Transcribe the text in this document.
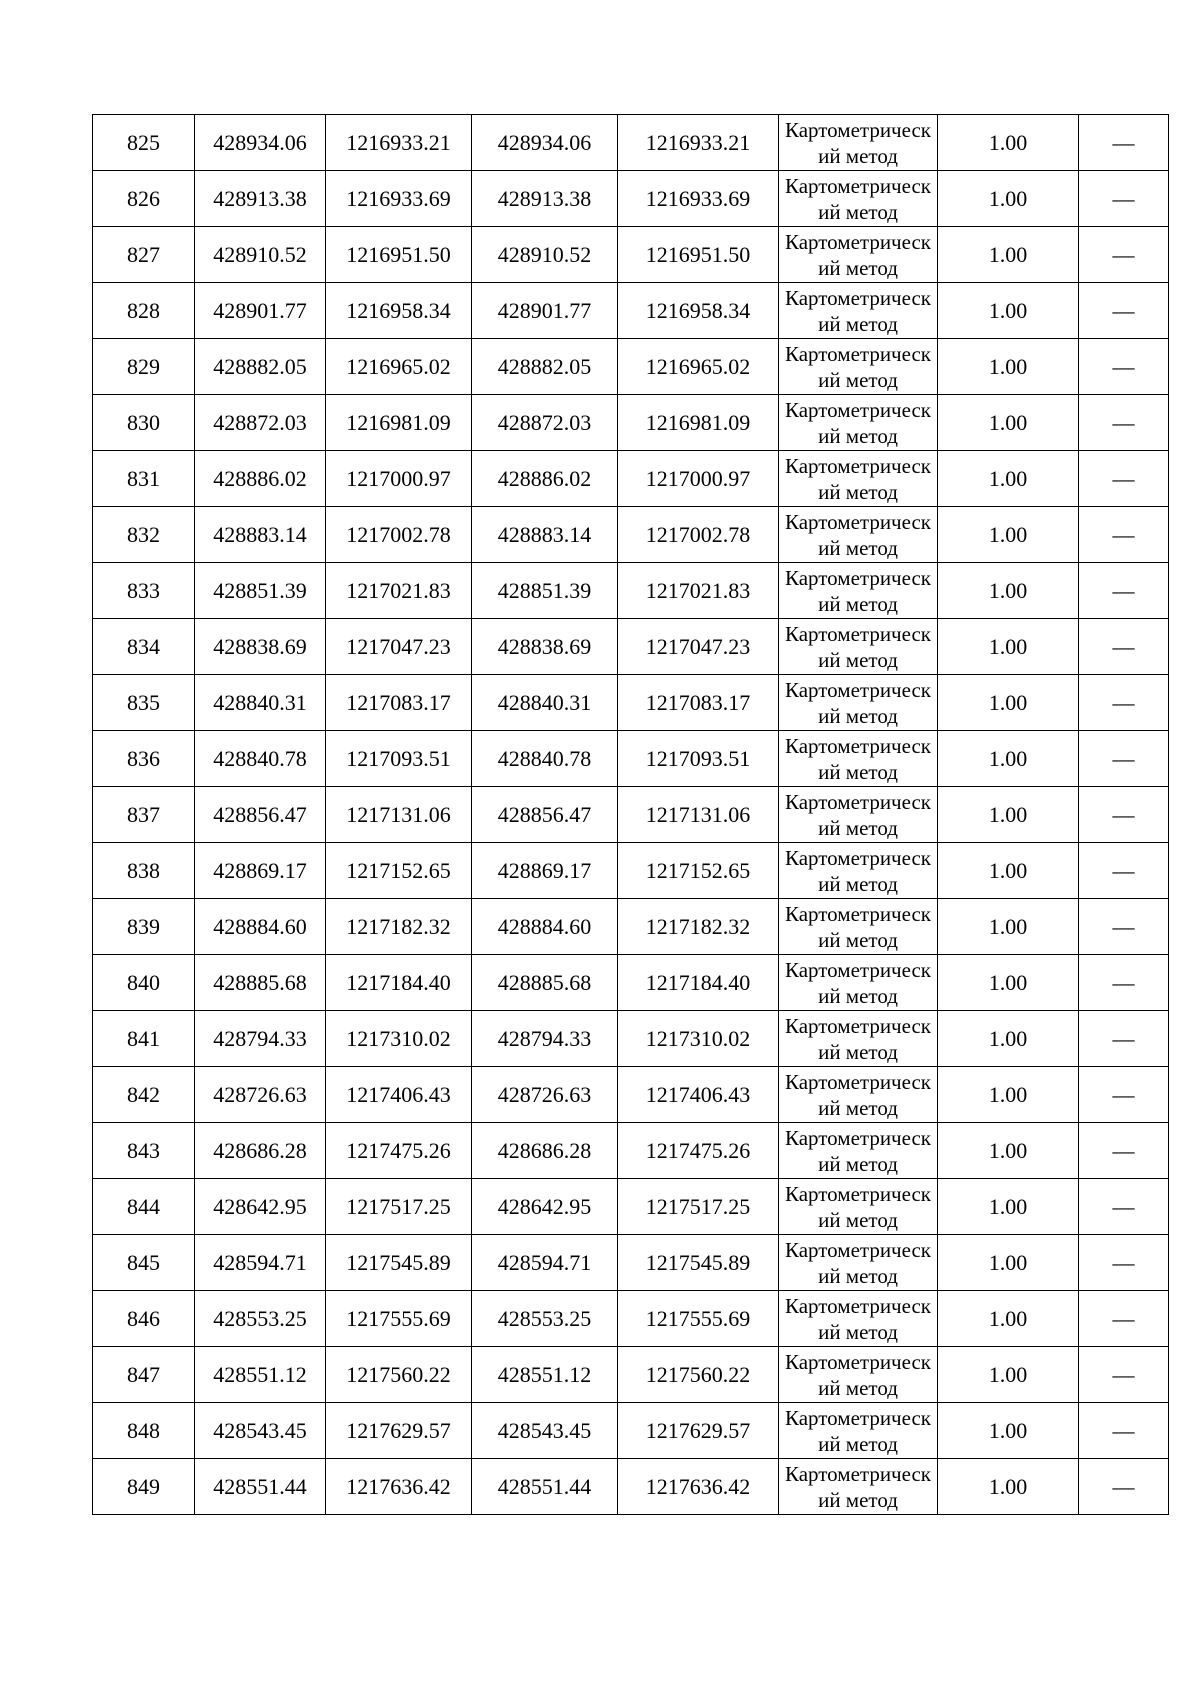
825	428934.06	1216933.21	428934.06	1216933.21	Картометрический метод	1.00	—
826	428913.38	1216933.69	428913.38	1216933.69	Картометрический метод	1.00	—
827	428910.52	1216951.50	428910.52	1216951.50	Картометрический метод	1.00	—
828	428901.77	1216958.34	428901.77	1216958.34	Картометрический метод	1.00	—
829	428882.05	1216965.02	428882.05	1216965.02	Картометрический метод	1.00	—
830	428872.03	1216981.09	428872.03	1216981.09	Картометрический метод	1.00	—
831	428886.02	1217000.97	428886.02	1217000.97	Картометрический метод	1.00	—
832	428883.14	1217002.78	428883.14	1217002.78	Картометрический метод	1.00	—
833	428851.39	1217021.83	428851.39	1217021.83	Картометрический метод	1.00	—
834	428838.69	1217047.23	428838.69	1217047.23	Картометрический метод	1.00	—
835	428840.31	1217083.17	428840.31	1217083.17	Картометрический метод	1.00	—
836	428840.78	1217093.51	428840.78	1217093.51	Картометрический метод	1.00	—
837	428856.47	1217131.06	428856.47	1217131.06	Картометрический метод	1.00	—
838	428869.17	1217152.65	428869.17	1217152.65	Картометрический метод	1.00	—
839	428884.60	1217182.32	428884.60	1217182.32	Картометрический метод	1.00	—
840	428885.68	1217184.40	428885.68	1217184.40	Картометрический метод	1.00	—
841	428794.33	1217310.02	428794.33	1217310.02	Картометрический метод	1.00	—
842	428726.63	1217406.43	428726.63	1217406.43	Картометрический метод	1.00	—
843	428686.28	1217475.26	428686.28	1217475.26	Картометрический метод	1.00	—
844	428642.95	1217517.25	428642.95	1217517.25	Картометрический метод	1.00	—
845	428594.71	1217545.89	428594.71	1217545.89	Картометрический метод	1.00	—
846	428553.25	1217555.69	428553.25	1217555.69	Картометрический метод	1.00	—
847	428551.12	1217560.22	428551.12	1217560.22	Картометрический метод	1.00	—
848	428543.45	1217629.57	428543.45	1217629.57	Картометрический метод	1.00	—
849	428551.44	1217636.42	428551.44	1217636.42	Картометрический метод	1.00	—
